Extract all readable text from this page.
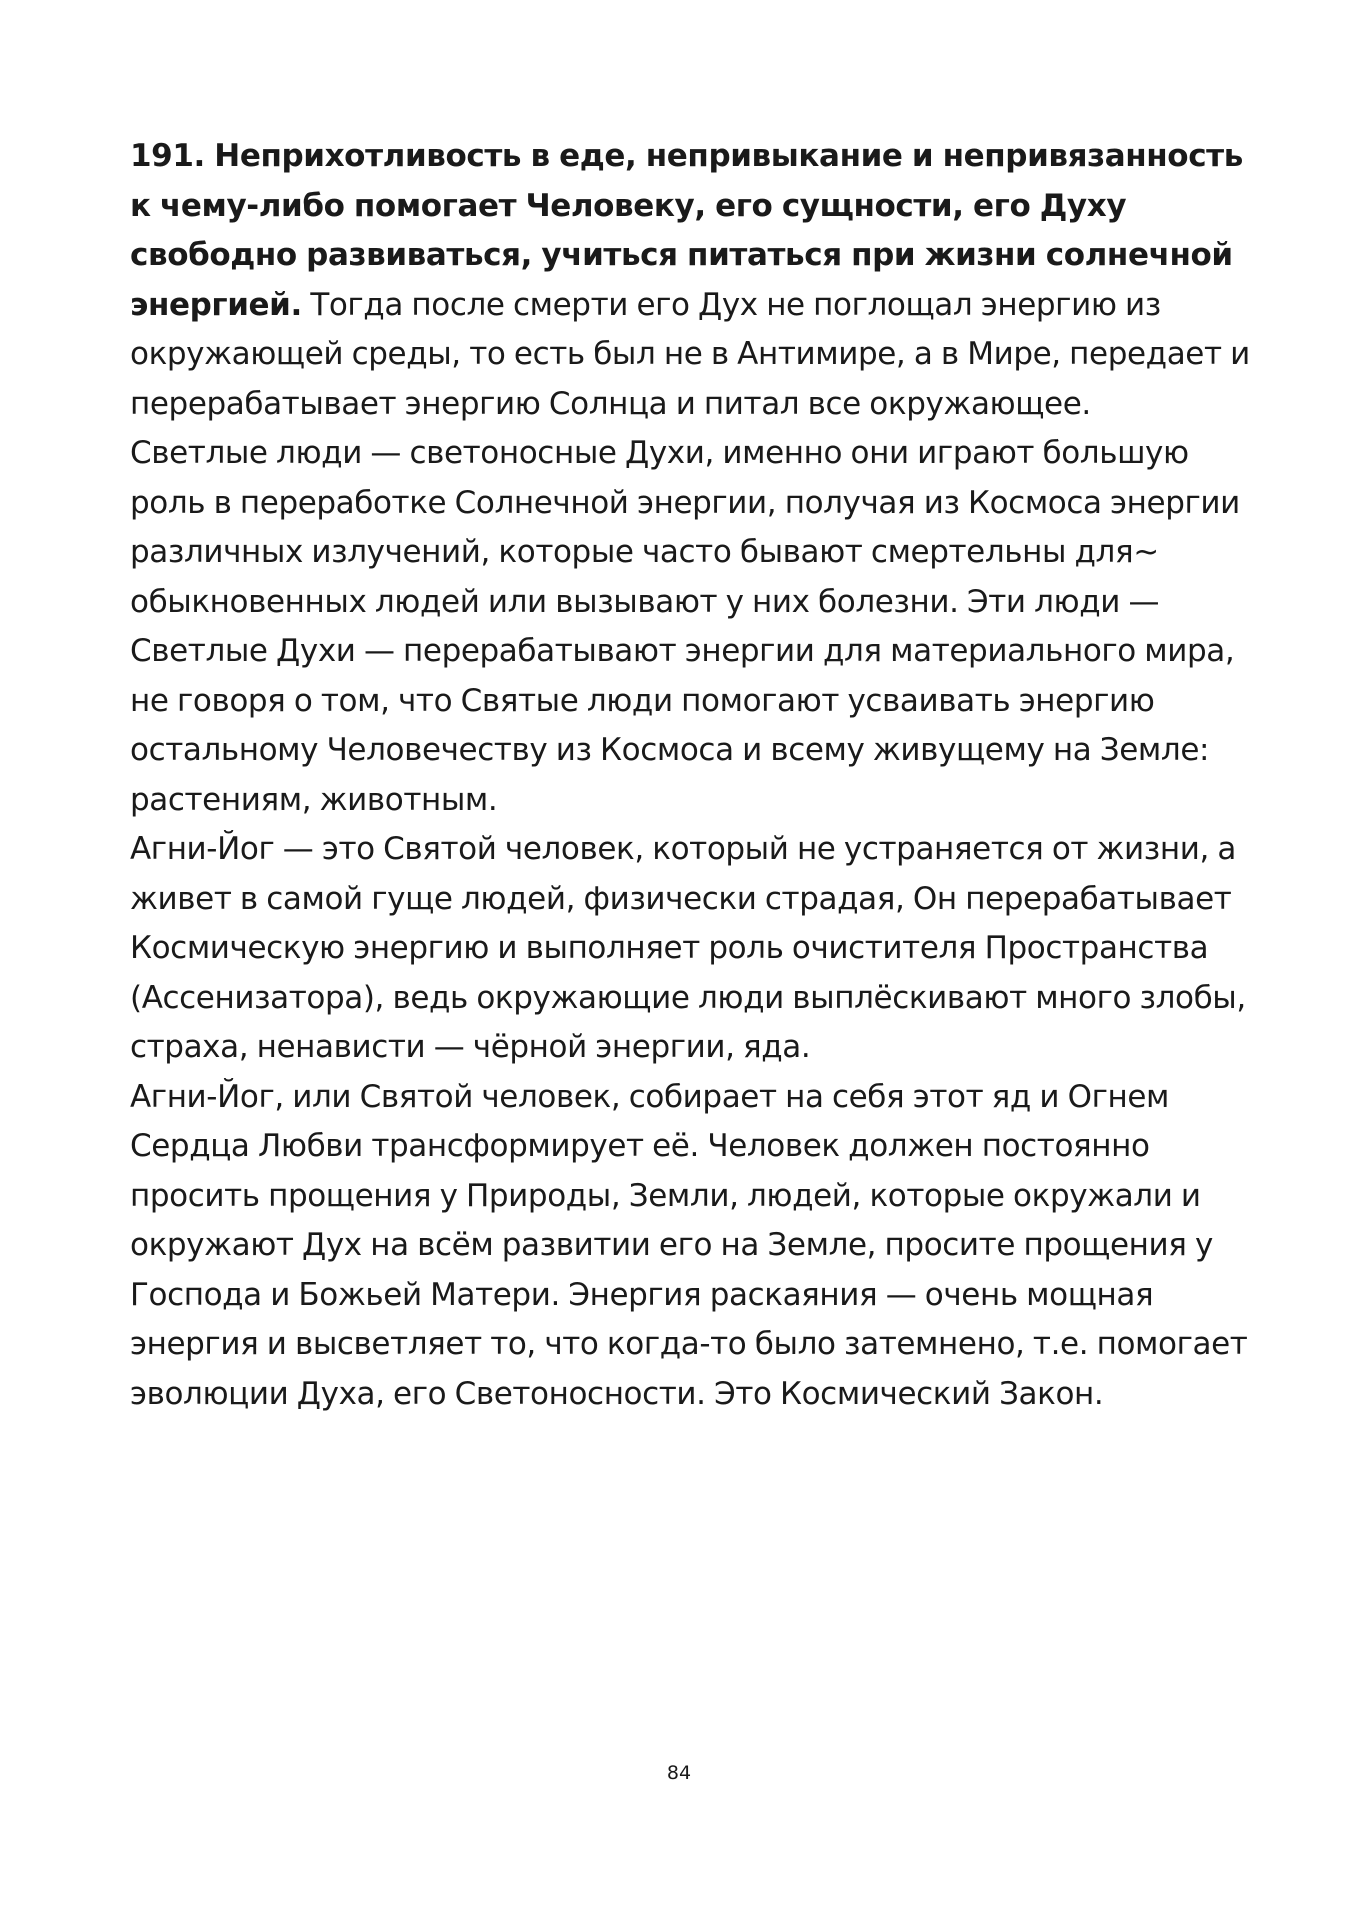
191. Неприхотливость в еде, непривыкание и непривязанность к чему-либо помогает Человеку, его сущности, его Духу свободно развиваться, учиться питаться при жизни солнечной энергией. Тогда после смерти его Дух не поглощал энергию из окружающей среды, то есть был не в Антимире, а в Мире, передает и перерабатывает энергию Солнца и питал все окружающее.

Светлые люди — светоносные Духи, именно они играют большую роль в переработке Солнечной энергии, получая из Космоса энергии различных излучений, которые часто бывают смертельны для~ обыкновенных людей или вызывают у них болезни. Эти люди — Светлые Духи — перерабатывают энергии для материального мира, не говоря о том, что Святые люди помогают усваивать энергию остальному Человечеству из Космоса и всему живущему на Земле: растениям, животным.

Агни-Йог — это Святой человек, который не устраняется от жизни, а живет в самой гуще людей, физически страдая, Он перерабатывает Космическую энергию и выполняет роль очистителя Пространства (Ассенизатора), ведь окружающие люди выплёскивают много злобы, страха, ненависти — чёрной энергии, яда.

Агни-Йог, или Святой человек, собирает на себя этот яд и Огнем Сердца Любви трансформирует её. Человек должен постоянно просить прощения у Природы, Земли, людей, которые окружали и окружают Дух на всём развитии его на Земле, просите прощения у Господа и Божьей Матери. Энергия раскаяния — очень мощная энергия и высветляет то, что когда-то было затемнено, т.е. помогает эволюции Духа, его Светоносности. Это Космический Закон.

84
